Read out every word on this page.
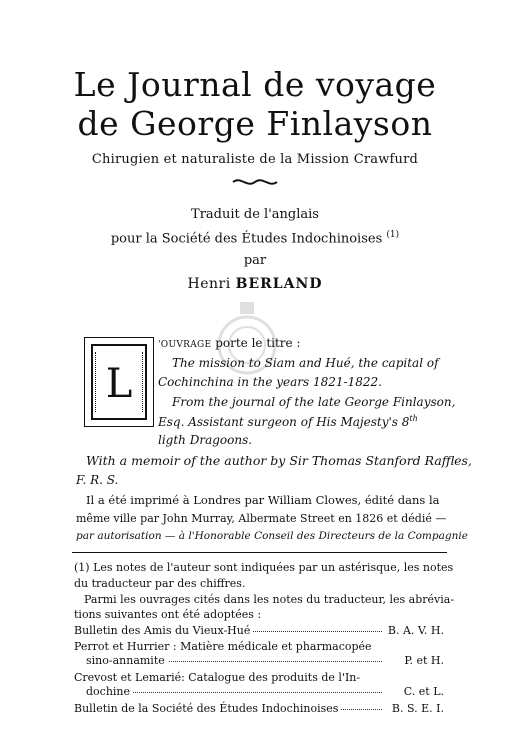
Le Journal de voyage
de George Finlayson
Chirugien et naturaliste de la Mission Crawfurd
Traduit de l'anglais
pour la Société des Études Indochinoises $^{(1)}$
par
Henri BERLAND
L
'OUVRAGE porte le titre :
The mission to Siam and Hué, the capital of
Cochinchina in the years 1821-1822.
From the journal of the late George Finlayson,
Esq. Assistant surgeon of His Majesty's 8th
ligth Dragoons.
With a memoir of the author by Sir Thomas Stanford Raffles,
F. R. S.
Il a été imprimé à Londres par William Clowes, édité dans la
même ville par John Murray, Albermate Street en 1826 et dédié —
par autorisation — à l'Honorable Conseil des Directeurs de la Compagnie
(1) Les notes de l'auteur sont indiquées par un astérisque, les notes
du traducteur par des chiffres.
Parmi les ouvrages cités dans les notes du traducteur, les abrévia-
tions suivantes ont été adoptées :
Bulletin des Amis du Vieux-Hué	B. A. V. H.
Perrot et Hurrier : Matière médicale et pharmacopée
sino-annamite	P. et H.
Crevost et Lemarié: Catalogue des produits de l'In-
dochine	C. et L.
Bulletin de la Société des Études Indochinoises	B. S. E. I.
